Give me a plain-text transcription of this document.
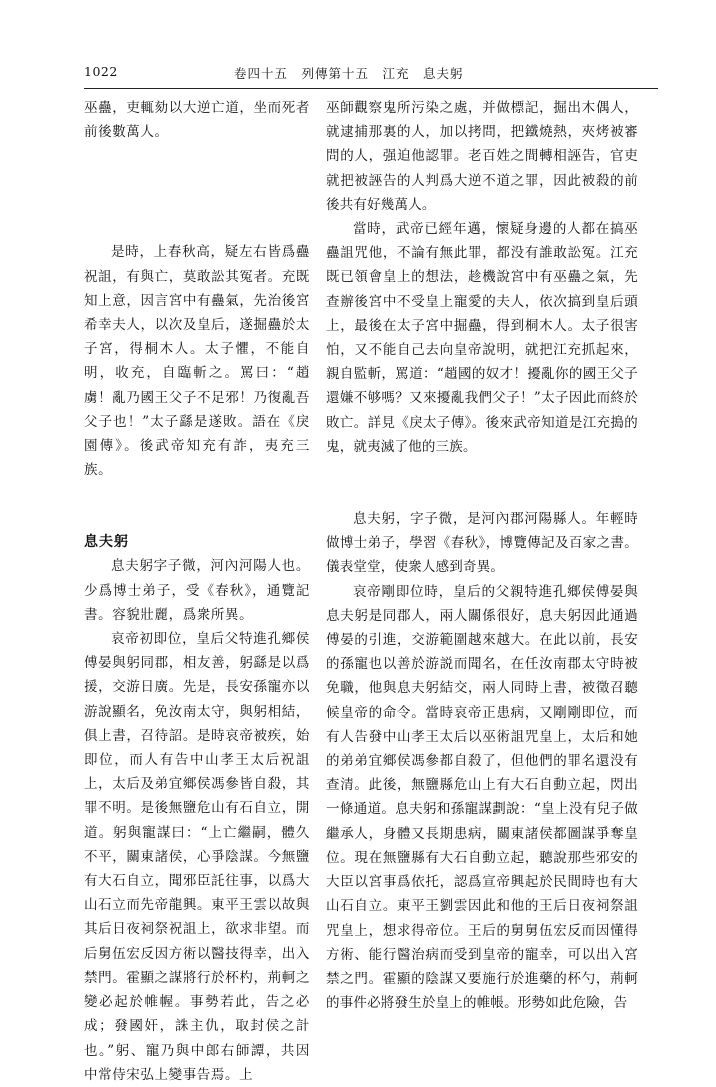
1022	卷四十五　列傳第十五　江充　息夫躬

巫蠱，吏輒劾以大逆亡道，坐而死者前後數萬人。

是時，上春秋高，疑左右皆爲蠱祝詛，有與亡，莫敢訟其冤者。充既知上意，因言宮中有蠱氣，先治後宮希幸夫人，以次及皇后，遂掘蠱於太子宮，得桐木人。太子懼，不能自明，收充，自臨斬之。罵曰：“趙虜！亂乃國王父子不足邪！乃復亂吾父子也！”太子繇是遂敗。語在《戾園傳》。後武帝知充有詐，夷充三族。

息夫躬

息夫躬字子微，河內河陽人也。少爲博士弟子，受《春秋》，通覽記書。容貌壯麗，爲衆所異。

哀帝初即位，皇后父特進孔鄉侯傅晏與躬同郡，相友善，躬繇是以爲援，交游日廣。先是，長安孫寵亦以游說顯名，免汝南太守，與躬相結，俱上書，召待詔。是時哀帝被疾，始即位，而人有告中山孝王太后祝詛上，太后及弟宜鄉侯馮參皆自殺，其罪不明。是後無鹽危山有石自立，開道。躬與寵謀曰：“上亡繼嗣，體久不平，關東諸侯，心爭陰謀。今無鹽有大石自立，聞邪臣託往事，以爲大山石立而先帝龍興。東平王雲以故與其后日夜祠祭祝詛上，欲求非望。而后舅伍宏反因方術以醫技得幸，出入禁門。霍顯之謀將行於杯杓，荊軻之變必起於帷幄。事勢若此，告之必成；發國奸，誅主仇，取封侯之計也。”躬、寵乃與中郎右師譚，共因中常侍宋弘上變事告焉。上

巫師觀察鬼所污染之處，并做標記，掘出木偶人，就逮捕那裏的人，加以拷問，把鐵燒熱，夾烤被審問的人，强迫他認罪。老百姓之間轉相誣告，官吏就把被誣告的人判爲大逆不道之罪，因此被殺的前後共有好幾萬人。

當時，武帝已經年邁，懷疑身邊的人都在搞巫蠱詛咒他，不論有無此罪，都没有誰敢訟冤。江充既已領會皇上的想法，趁機說宮中有巫蠱之氣，先查辦後宮中不受皇上寵愛的夫人，依次搞到皇后頭上，最後在太子宮中掘蠱，得到桐木人。太子很害怕，又不能自己去向皇帝說明，就把江充抓起來，親自監斬，罵道：“趙國的奴才！擾亂你的國王父子還嫌不够嗎？又來擾亂我們父子！”太子因此而終於敗亡。詳見《戾太子傳》。後來武帝知道是江充搗的鬼，就夷滅了他的三族。

息夫躬，字子微，是河內郡河陽縣人。年輕時做博士弟子，學習《春秋》，博覽傳記及百家之書。儀表堂堂，使衆人感到奇異。

哀帝剛即位時，皇后的父親特進孔鄉侯傅晏與息夫躬是同郡人，兩人關係很好，息夫躬因此通過傅晏的引進，交游範圍越來越大。在此以前，長安的孫寵也以善於游説而聞名，在任汝南郡太守時被免職，他與息夫躬結交，兩人同時上書，被徵召聽候皇帝的命令。當時哀帝正患病，又剛剛即位，而有人告發中山孝王太后以巫術詛咒皇上，太后和她的弟弟宜鄉侯馮參都自殺了，但他們的罪名還没有查清。此後，無鹽縣危山上有大石自動立起，閃出一條通道。息夫躬和孫寵謀劃說：“皇上没有兒子做繼承人，身體又長期患病，關東諸侯都圖謀爭奪皇位。現在無鹽縣有大石自動立起，聽說那些邪安的大臣以宮事爲依托，認爲宣帝興起於民間時也有大山石自立。東平王劉雲因此和他的王后日夜祠祭詛咒皇上，想求得帝位。王后的舅舅伍宏反而因懂得方術、能行醫治病而受到皇帝的寵幸，可以出入宮禁之門。霍顯的陰謀又要施行於進藥的杯勺，荊軻的事件必將發生於皇上的帷帳。形勢如此危險，告
